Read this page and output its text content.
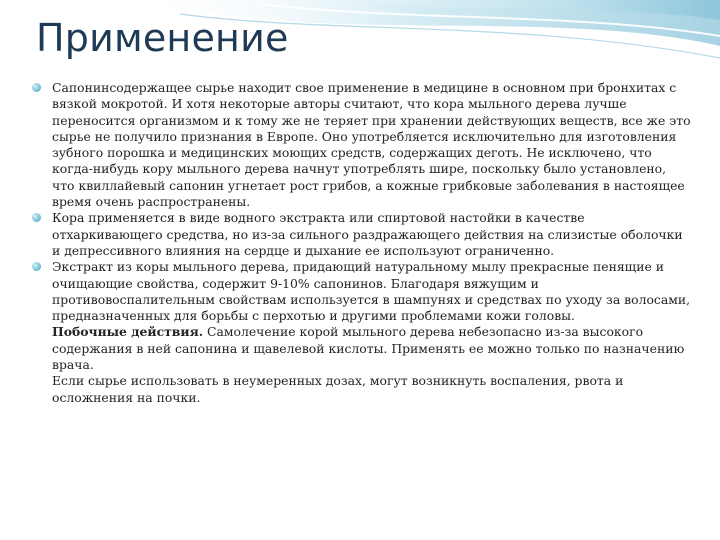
Применение

Сапонинсодержащее сырье находит свое применение в медицине в основном при бронхитах с вязкой мокротой. И хотя некоторые авторы считают, что кора мыльного дерева лучше переносится организмом и к тому же не теряет при хранении действующих веществ, все же это сырье не получило признания в Европе. Оно употребляется исключительно для изготовления зубного порошка и медицинских моющих средств, содержащих деготь. Не исключено, что когда-нибудь кору мыльного дерева начнут употреблять шире, поскольку было установлено, что квиллайевый сапонин угнетает рост грибов, а кожные грибковые заболевания в настоящее время очень распространены.

Кора применяется в виде водного экстракта или спиртовой настойки в качестве отхаркивающего средства, но из-за сильного раздражающего действия на слизистые оболочки и депрессивного влияния на сердце и дыхание ее используют ограниченно.

Экстракт из коры мыльного дерева, придающий натуральному мылу прекрасные пенящие и очищающие свойства, содержит 9-10% сапонинов. Благодаря вяжущим и противовоспалительным свойствам используется в шампунях и средствах по уходу за волосами, предназначенных для борьбы с перхотью и другими проблемами кожи головы.

Побочные действия. Самолечение корой мыльного дерева небезопасно из-за высокого содержания в ней сапонина и щавелевой кислоты. Применять ее можно только по назначению врача.

Если сырье использовать в неумеренных дозах, могут возникнуть воспаления, рвота и осложнения на почки.
